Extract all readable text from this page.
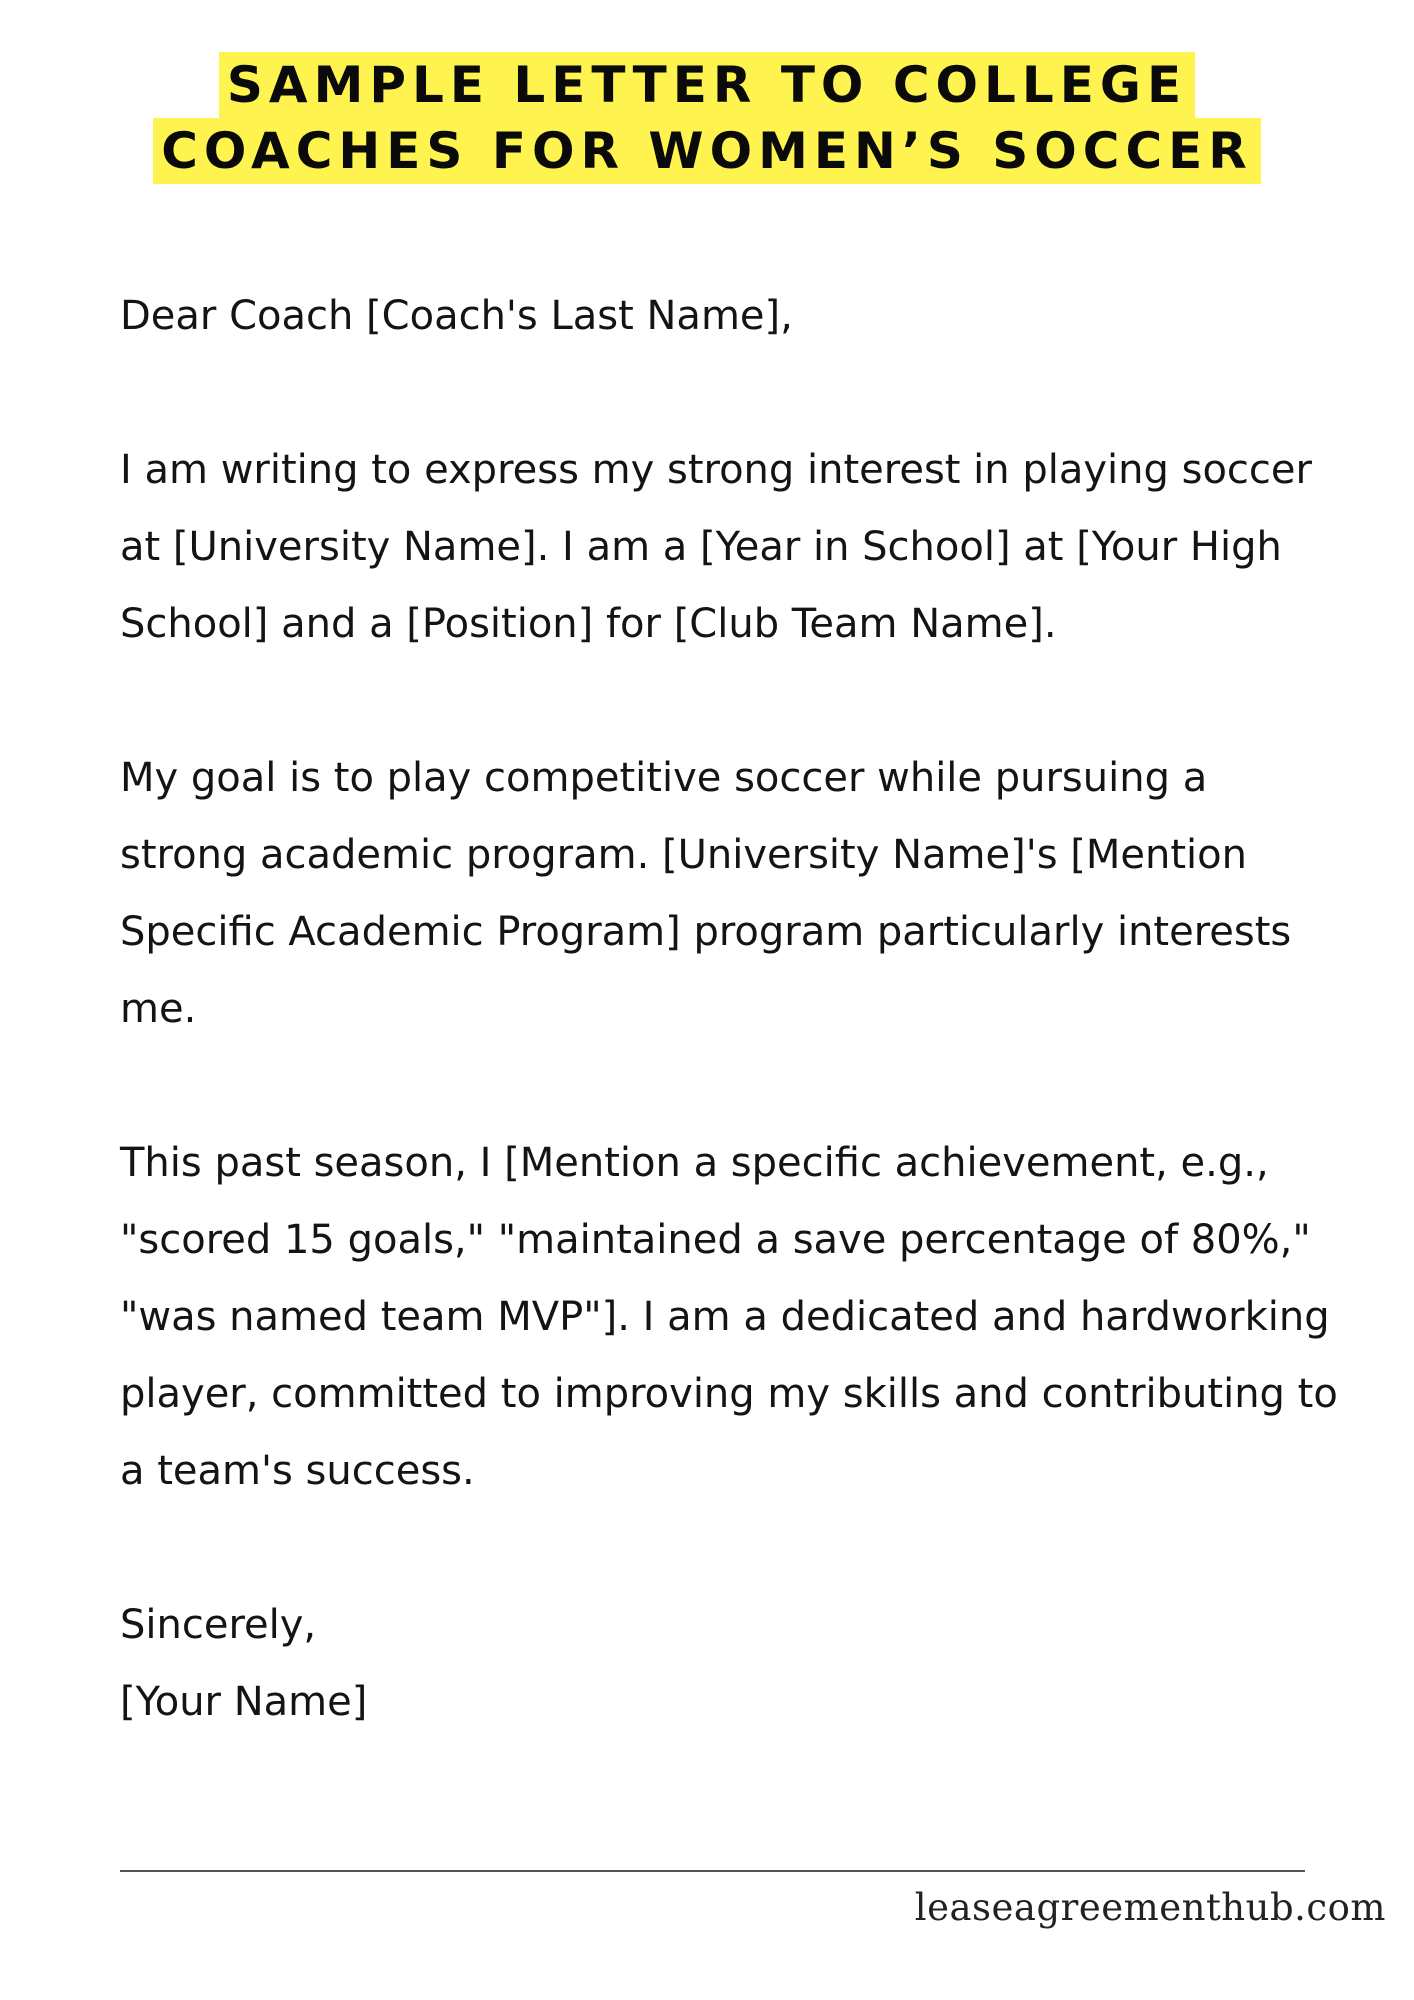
SAMPLE LETTER TO COLLEGE
COACHES FOR WOMEN’S SOCCER

Dear Coach [Coach's Last Name],

I am writing to express my strong interest in playing soccer at [University Name]. I am a [Year in School] at [Your High School] and a [Position] for [Club Team Name].

My goal is to play competitive soccer while pursuing a strong academic program. [University Name]'s [Mention Specific Academic Program] program particularly interests me.

This past season, I [Mention a specific achievement, e.g., "scored 15 goals," "maintained a save percentage of 80%," "was named team MVP"]. I am a dedicated and hardworking player, committed to improving my skills and contributing to a team's success.

Sincerely,

[Your Name]

leaseagreementhub.com
